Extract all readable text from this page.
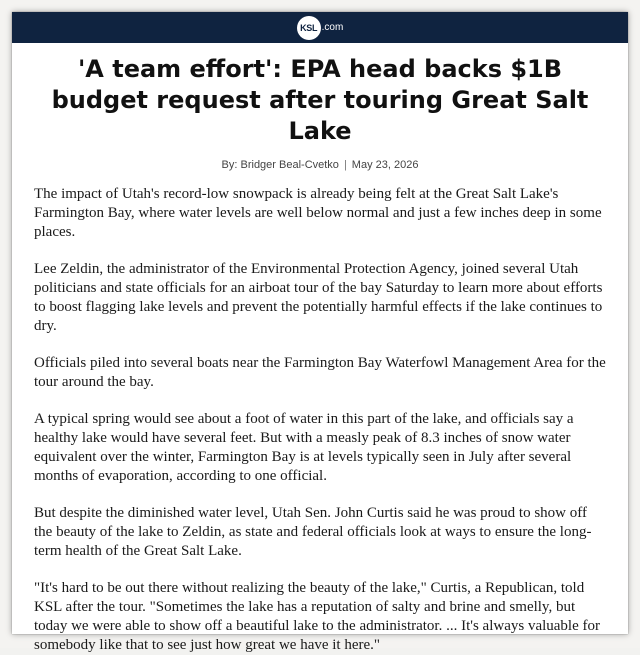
KSL .com
'A team effort': EPA head backs $1B budget request after touring Great Salt Lake
By: Bridger Beal-Cvetko | May 23, 2026

The impact of Utah's record-low snowpack is already being felt at the Great Salt Lake's Farmington Bay, where water levels are well below normal and just a few inches deep in some places.

Lee Zeldin, the administrator of the Environmental Protection Agency, joined several Utah politicians and state officials for an airboat tour of the bay Saturday to learn more about efforts to boost flagging lake levels and prevent the potentially harmful effects if the lake continues to dry.

Officials piled into several boats near the Farmington Bay Waterfowl Management Area for the tour around the bay.

A typical spring would see about a foot of water in this part of the lake, and officials say a healthy lake would have several feet. But with a measly peak of 8.3 inches of snow water equivalent over the winter, Farmington Bay is at levels typically seen in July after several months of evaporation, according to one official.

But despite the diminished water level, Utah Sen. John Curtis said he was proud to show off the beauty of the lake to Zeldin, as state and federal officials look at ways to ensure the long-term health of the Great Salt Lake.

"It's hard to be out there without realizing the beauty of the lake," Curtis, a Republican, told KSL after the tour. "Sometimes the lake has a reputation of salty and brine and smelly, but today we were able to show off a beautiful lake to the administrator. ... It's always valuable for somebody like that to see just how great we have it here."
